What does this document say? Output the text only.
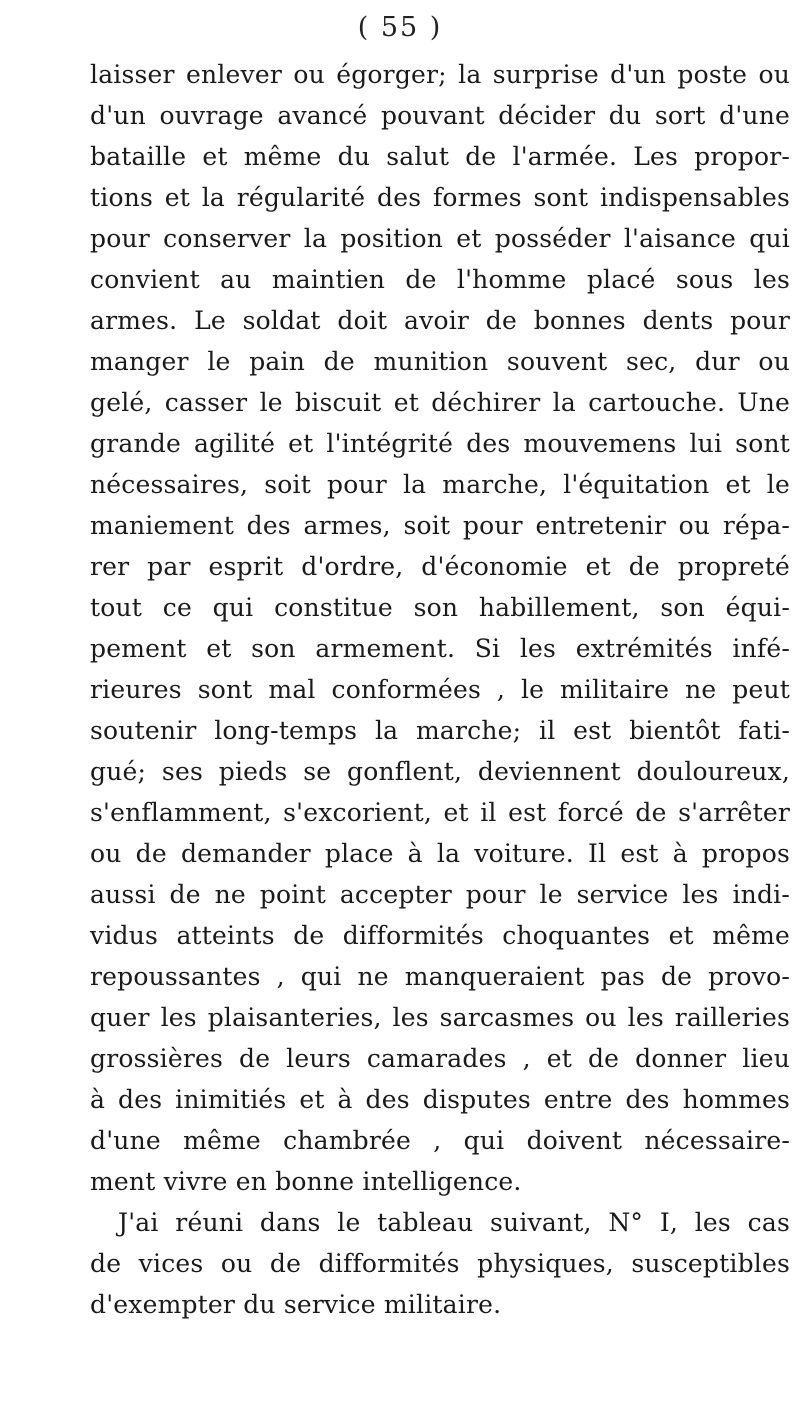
( 55 )
laisser enlever ou égorger; la surprise d'un poste ou
d'un ouvrage avancé pouvant décider du sort d'une
bataille et même du salut de l'armée. Les propor-
tions et la régularité des formes sont indispensables
pour conserver la position et posséder l'aisance qui
convient au maintien de l'homme placé sous les
armes. Le soldat doit avoir de bonnes dents pour
manger le pain de munition souvent sec, dur ou
gelé, casser le biscuit et déchirer la cartouche. Une
grande agilité et l'intégrité des mouvemens lui sont
nécessaires, soit pour la marche, l'équitation et le
maniement des armes, soit pour entretenir ou répa-
rer par esprit d'ordre, d'économie et de propreté
tout ce qui constitue son habillement, son équi-
pement et son armement. Si les extrémités infé-
rieures sont mal conformées , le militaire ne peut
soutenir long-temps la marche; il est bientôt fati-
gué; ses pieds se gonflent, deviennent douloureux,
s'enflamment, s'excorient, et il est forcé de s'arrêter
ou de demander place à la voiture. Il est à propos
aussi de ne point accepter pour le service les indi-
vidus atteints de difformités choquantes et même
repoussantes , qui ne manqueraient pas de provo-
quer les plaisanteries, les sarcasmes ou les railleries
grossières de leurs camarades , et de donner lieu
à des inimitiés et à des disputes entre des hommes
d'une même chambrée , qui doivent nécessaire-
ment vivre en bonne intelligence.
J'ai réuni dans le tableau suivant, N° I, les cas
de vices ou de difformités physiques, susceptibles
d'exempter du service militaire.
